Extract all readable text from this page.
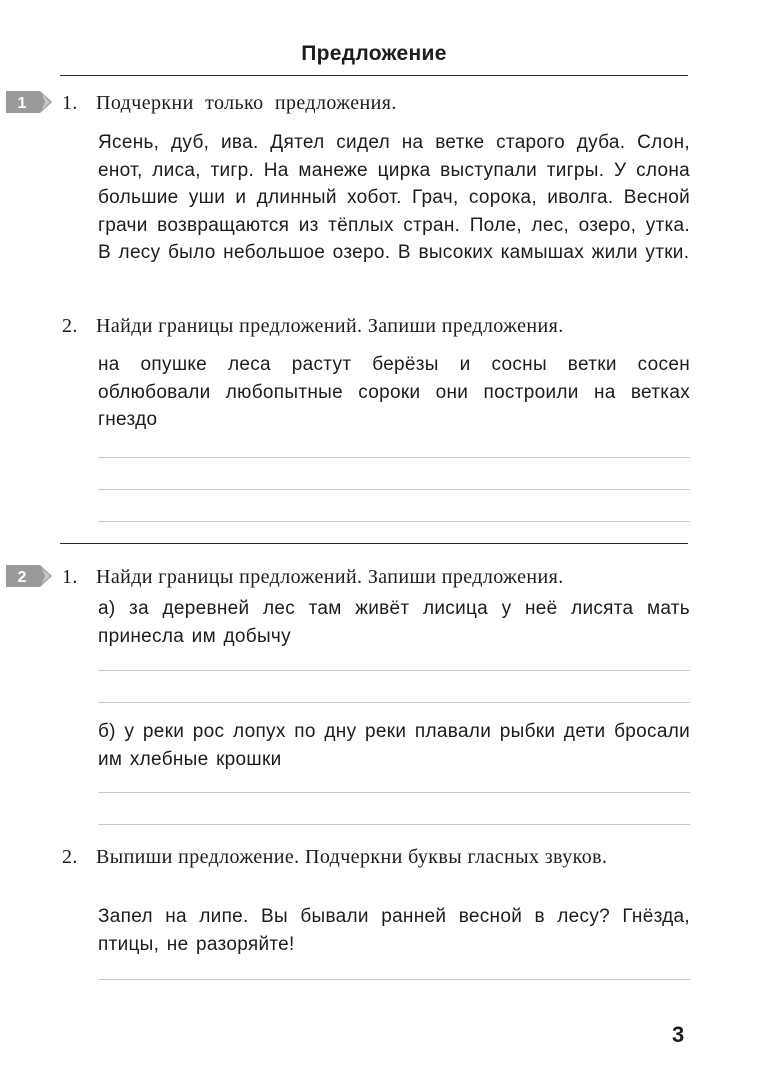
Предложение
1 1. Подчеркни только предложения.
Ясень, дуб, ива. Дятел сидел на ветке старого дуба. Слон, енот, лиса, тигр. На манеже цирка выступали тигры. У слона большие уши и длинный хобот. Грач, сорока, иволга. Весной грачи возвращаются из тёплых стран. Поле, лес, озеро, утка. В лесу было небольшое озеро. В высоких камышах жили утки.
2. Найди границы предложений. Запиши предложения.
на опушке леса растут берёзы и сосны ветки сосен облюбовали любопытные сороки они построили на ветках гнездо
2 1. Найди границы предложений. Запиши предложения.
а) за деревней лес там живёт лисица у неё лисята мать принесла им добычу
б) у реки рос лопух по дну реки плавали рыбки дети бросали им хлебные крошки
2. Выпиши предложение. Подчеркни буквы гласных звуков.
Запел на липе. Вы бывали ранней весной в лесу? Гнёзда, птицы, не разоряйте!
3
